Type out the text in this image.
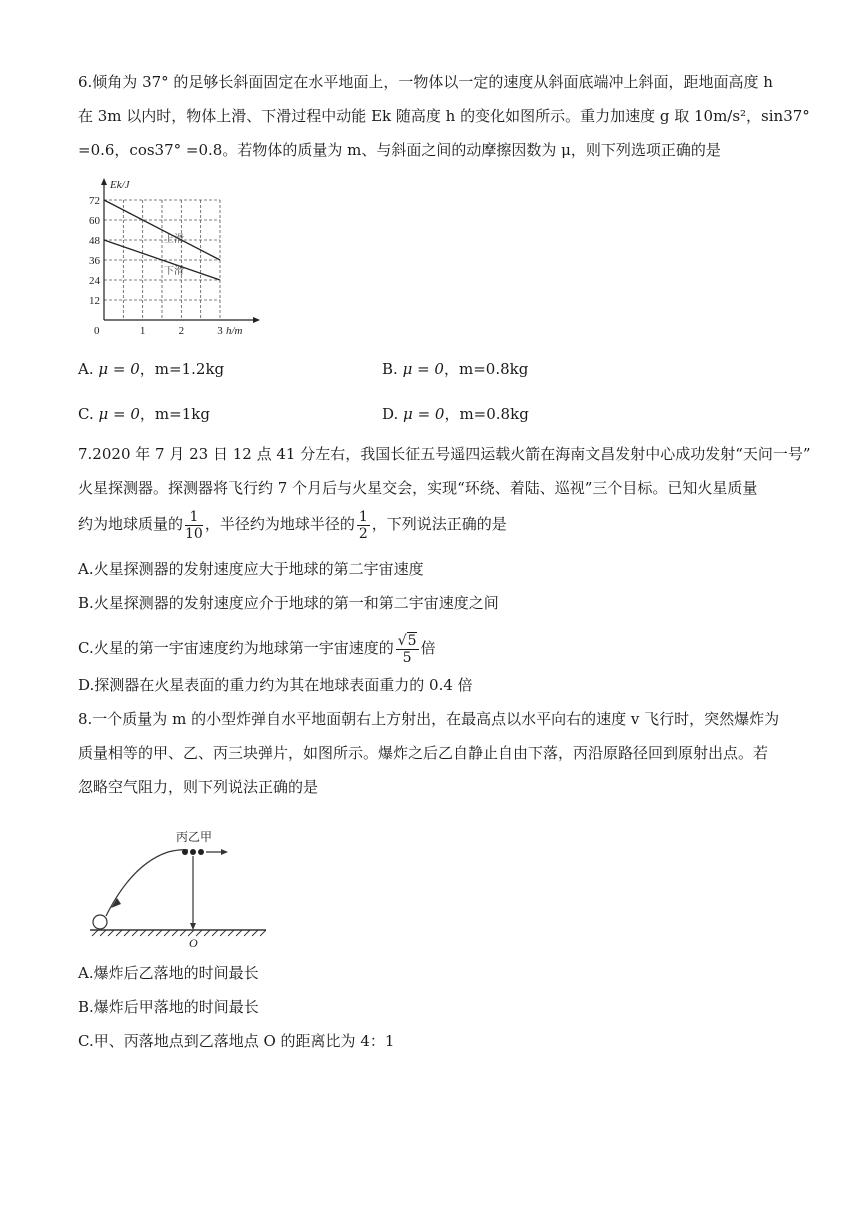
6.倾角为 37° 的足够长斜面固定在水平地面上，一物体以一定的速度从斜面底端冲上斜面，距地面高度 h
在 3m 以内时，物体上滑、下滑过程中动能 Ek 随高度 h 的变化如图所示。重力加速度 g 取 10m/s²，sin37°
=0.6，cos37° =0.8。若物体的质量为 m、与斜面之间的动摩擦因数为 μ，则下列选项正确的是
12
24
36
48
60
72
1	2	3
0
Ek/J
h/m
上滑
下滑
A. μ = 0，m=1.2kg	B. μ = 0，m=0.8kg
C. μ = 0，m=1kg	D. μ = 0，m=0.8kg
7.2020 年 7 月 23 日 12 点 41 分左右，我国长征五号遥四运载火箭在海南文昌发射中心成功发射“天问一号”
火星探测器。探测器将飞行约 7 个月后与火星交会，实现“环绕、着陆、巡视”三个目标。已知火星质量
约为地球质量的 $\frac{1}{10}$ ，半径约为地球半径的 $\frac{1}{2}$ ，下列说法正确的是
A.火星探测器的发射速度应大于地球的第二宇宙速度
B.火星探测器的发射速度应介于地球的第一和第二宇宙速度之间
C.火星的第一宇宙速度约为地球第一宇宙速度的 $\frac{√5}{5}$ 倍
D.探测器在火星表面的重力约为其在地球表面重力的 0.4 倍
8.一个质量为 m 的小型炸弹自水平地面朝右上方射出，在最高点以水平向右的速度 v 飞行时，突然爆炸为
质量相等的甲、乙、丙三块弹片，如图所示。爆炸之后乙自静止自由下落，丙沿原路径回到原射出点。若
忽略空气阻力，则下列说法正确的是
丙乙甲
O
A.爆炸后乙落地的时间最长
B.爆炸后甲落地的时间最长
C.甲、丙落地点到乙落地点 O 的距离比为 4：1
